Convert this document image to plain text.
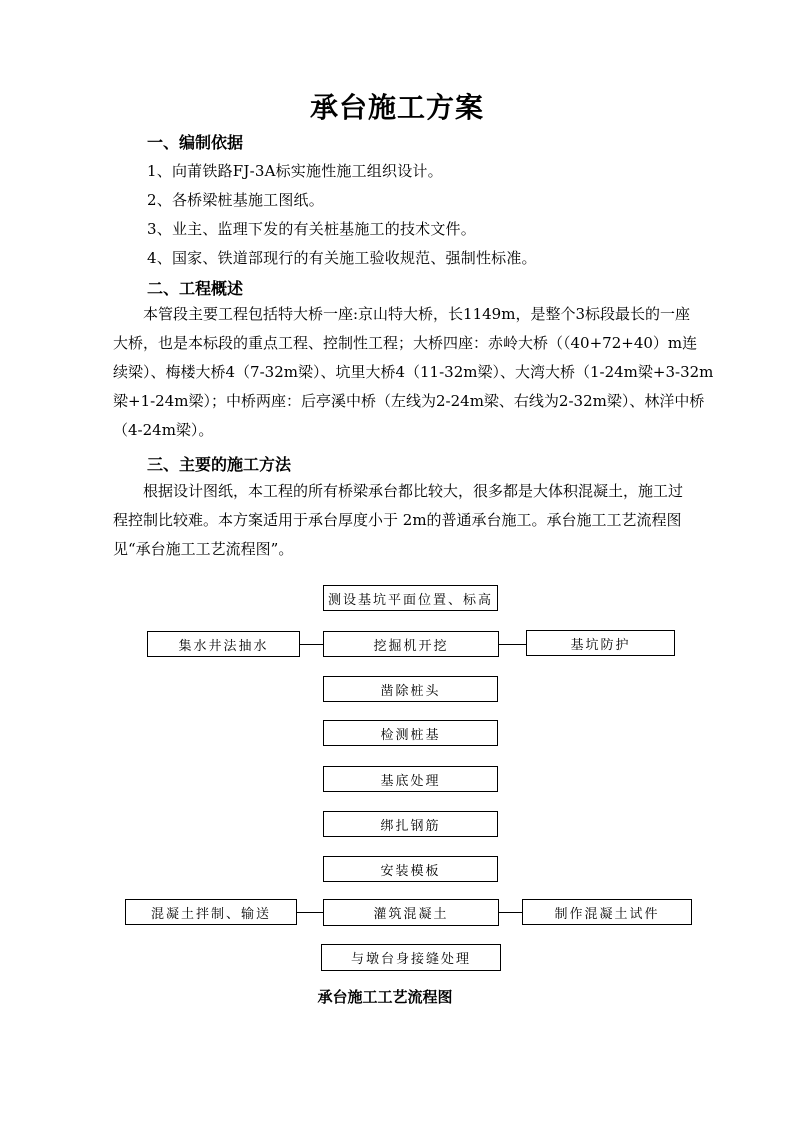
承台施工方案
一、编制依据
1、向莆铁路FJ-3A标实施性施工组织设计。
2、各桥梁桩基施工图纸。
3、业主、监理下发的有关桩基施工的技术文件。
4、国家、铁道部现行的有关施工验收规范、强制性标准。
二、工程概述

　　本管段主要工程包括特大桥一座:京山特大桥，长1149m，是整个3标段最长的一座

大桥，也是本标段的重点工程、控制性工程；大桥四座：赤岭大桥（（40+72+40）m连

续梁）、梅楼大桥4（7-32m梁）、坑里大桥4（11-32m梁）、大湾大桥（1-24m梁+3-32m

梁+1-24m梁）；中桥两座：后亭溪中桥（左线为2-24m梁、右线为2-32m梁）、林洋中桥

（4-24m梁）。

三、主要的施工方法

　　根据设计图纸，本工程的所有桥梁承台都比较大，很多都是大体积混凝土，施工过

程控制比较难。本方案适用于承台厚度小于 2m的普通承台施工。承台施工工艺流程图

见“承台施工工艺流程图”。

测设基坑平面位置、标高
集水井法抽水	挖掘机开挖	基坑防护
凿除桩头
检测桩基
基底处理
绑扎钢筋
安装模板
混凝土拌制、输送	灌筑混凝土	制作混凝土试件
与墩台身接缝处理
承台施工工艺流程图
